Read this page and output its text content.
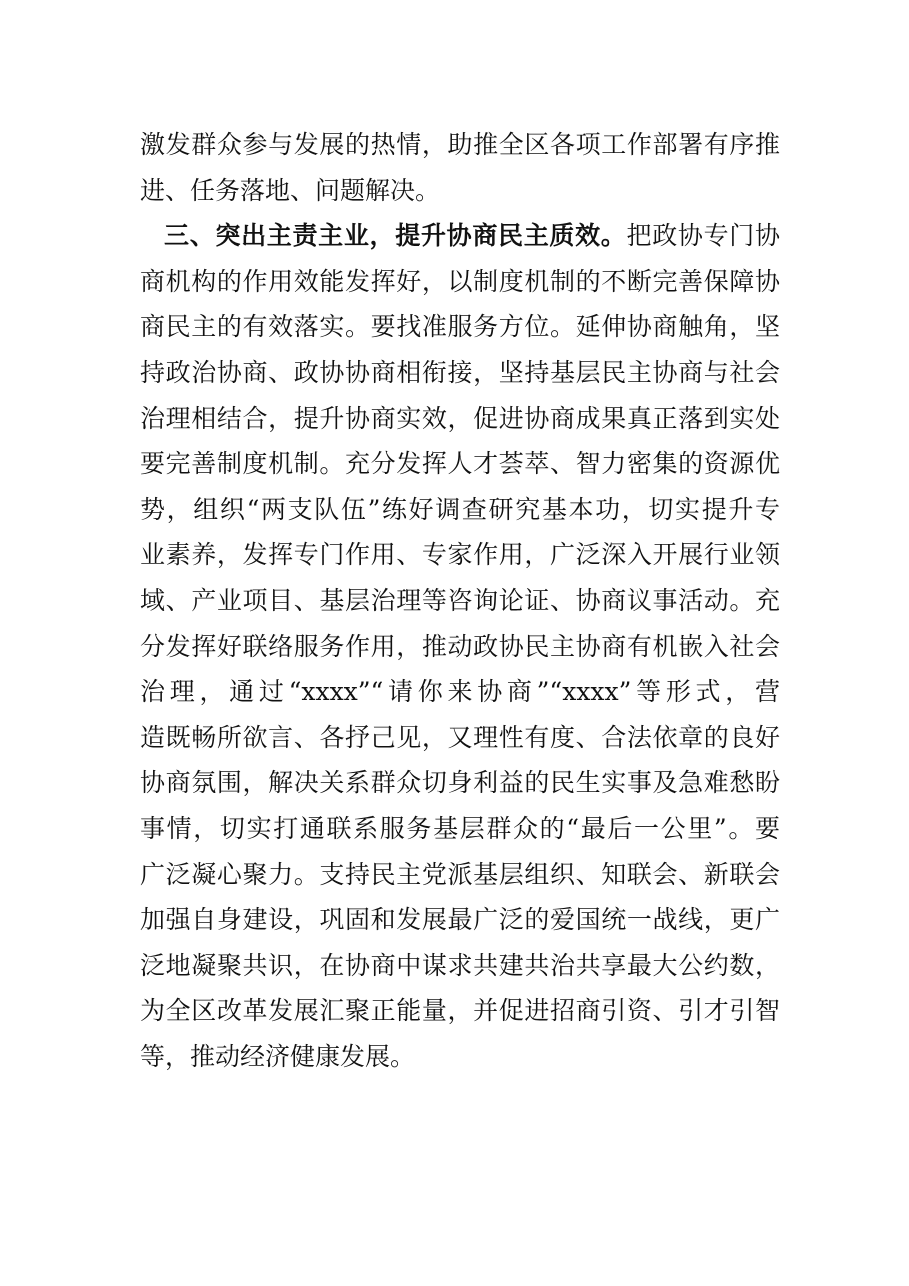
激发群众参与发展的热情，助推全区各项工作部署有序推
进、任务落地、问题解决。
三、突出主责主业，提升协商民主质效。把政协专门协
商机构的作用效能发挥好，以制度机制的不断完善保障协
商民主的有效落实。要找准服务方位。延伸协商触角，坚
持政治协商、政协协商相衔接，坚持基层民主协商与社会
治理相结合，提升协商实效，促进协商成果真正落到实处
要完善制度机制。充分发挥人才荟萃、智力密集的资源优
势，组织“两支队伍”练好调查研究基本功，切实提升专
业素养，发挥专门作用、专家作用，广泛深入开展行业领
域、产业项目、基层治理等咨询论证、协商议事活动。充
分发挥好联络服务作用，推动政协民主协商有机嵌入社会
治理，通过“xxxx”“请你来协商”“xxxx”等形式，营
造既畅所欲言、各抒己见，又理性有度、合法依章的良好
协商氛围，解决关系群众切身利益的民生实事及急难愁盼
事情，切实打通联系服务基层群众的“最后一公里”。要
广泛凝心聚力。支持民主党派基层组织、知联会、新联会
加强自身建设，巩固和发展最广泛的爱国统一战线，更广
泛地凝聚共识，在协商中谋求共建共治共享最大公约数，
为全区改革发展汇聚正能量，并促进招商引资、引才引智
等，推动经济健康发展。
